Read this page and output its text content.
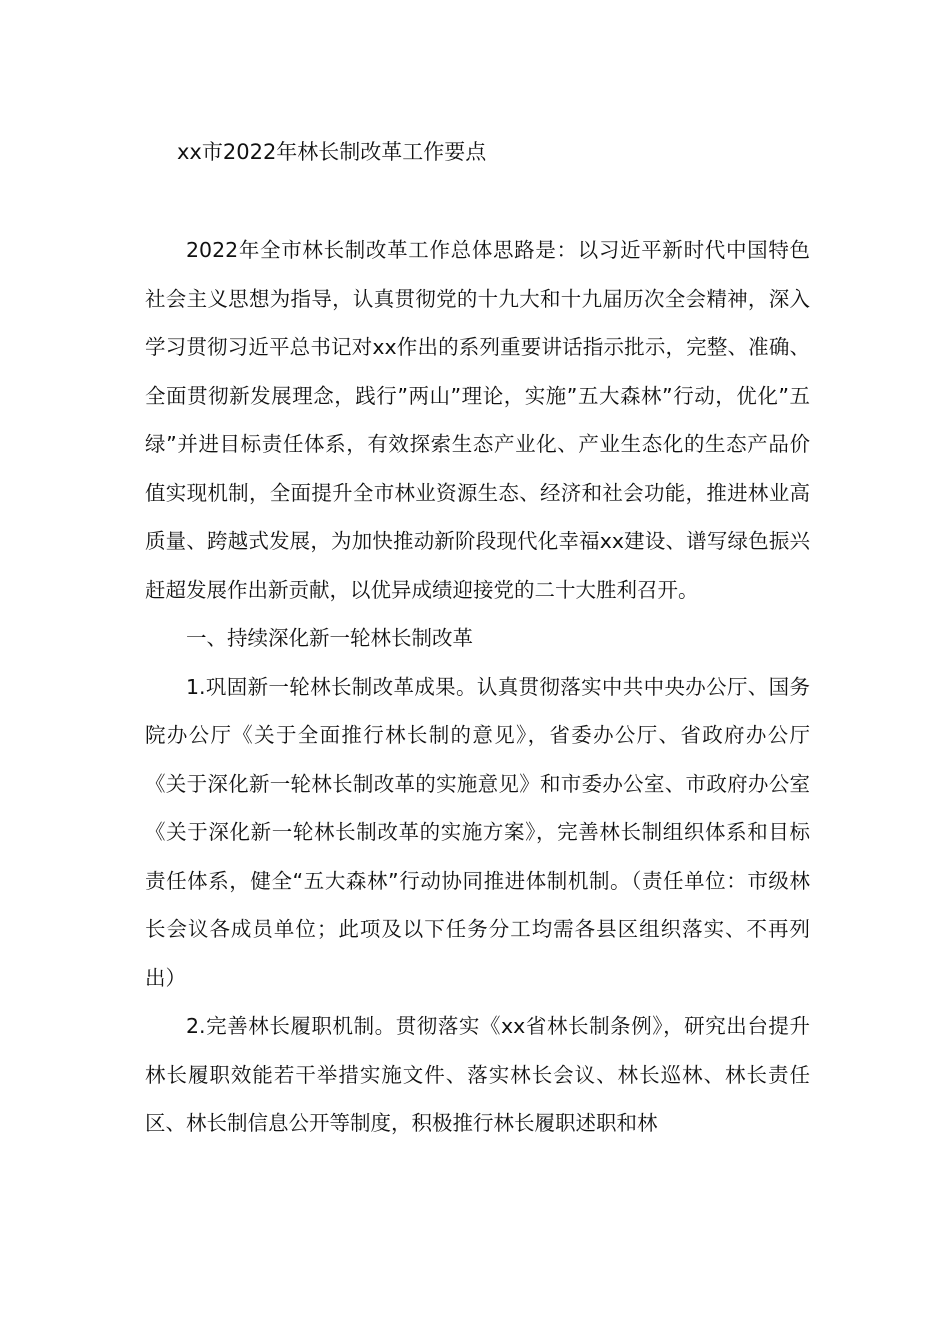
xx市2022年林长制改革工作要点

2022年全市林长制改革工作总体思路是：以习近平新时代中国特色社会主义思想为指导，认真贯彻党的十九大和十九届历次全会精神，深入学习贯彻习近平总书记对xx作出的系列重要讲话指示批示，完整、准确、全面贯彻新发展理念，践行”两山”理论，实施”五大森林”行动，优化”五绿”并进目标责任体系，有效探索生态产业化、产业生态化的生态产品价值实现机制，全面提升全市林业资源生态、经济和社会功能，推进林业高质量、跨越式发展，为加快推动新阶段现代化幸福xx建设、谱写绿色振兴赶超发展作出新贡献，以优异成绩迎接党的二十大胜利召开。

一、持续深化新一轮林长制改革

1.巩固新一轮林长制改革成果。认真贯彻落实中共中央办公厅、国务院办公厅《关于全面推行林长制的意见》，省委办公厅、省政府办公厅《关于深化新一轮林长制改革的实施意见》和市委办公室、市政府办公室《关于深化新一轮林长制改革的实施方案》，完善林长制组织体系和目标责任体系，健全“五大森林”行动协同推进体制机制。（责任单位：市级林长会议各成员单位；此项及以下任务分工均需各县区组织落实、不再列出）

2.完善林长履职机制。贯彻落实《xx省林长制条例》，研究出台提升林长履职效能若干举措实施文件、落实林长会议、林长巡林、林长责任区、林长制信息公开等制度，积极推行林长履职述职和林
